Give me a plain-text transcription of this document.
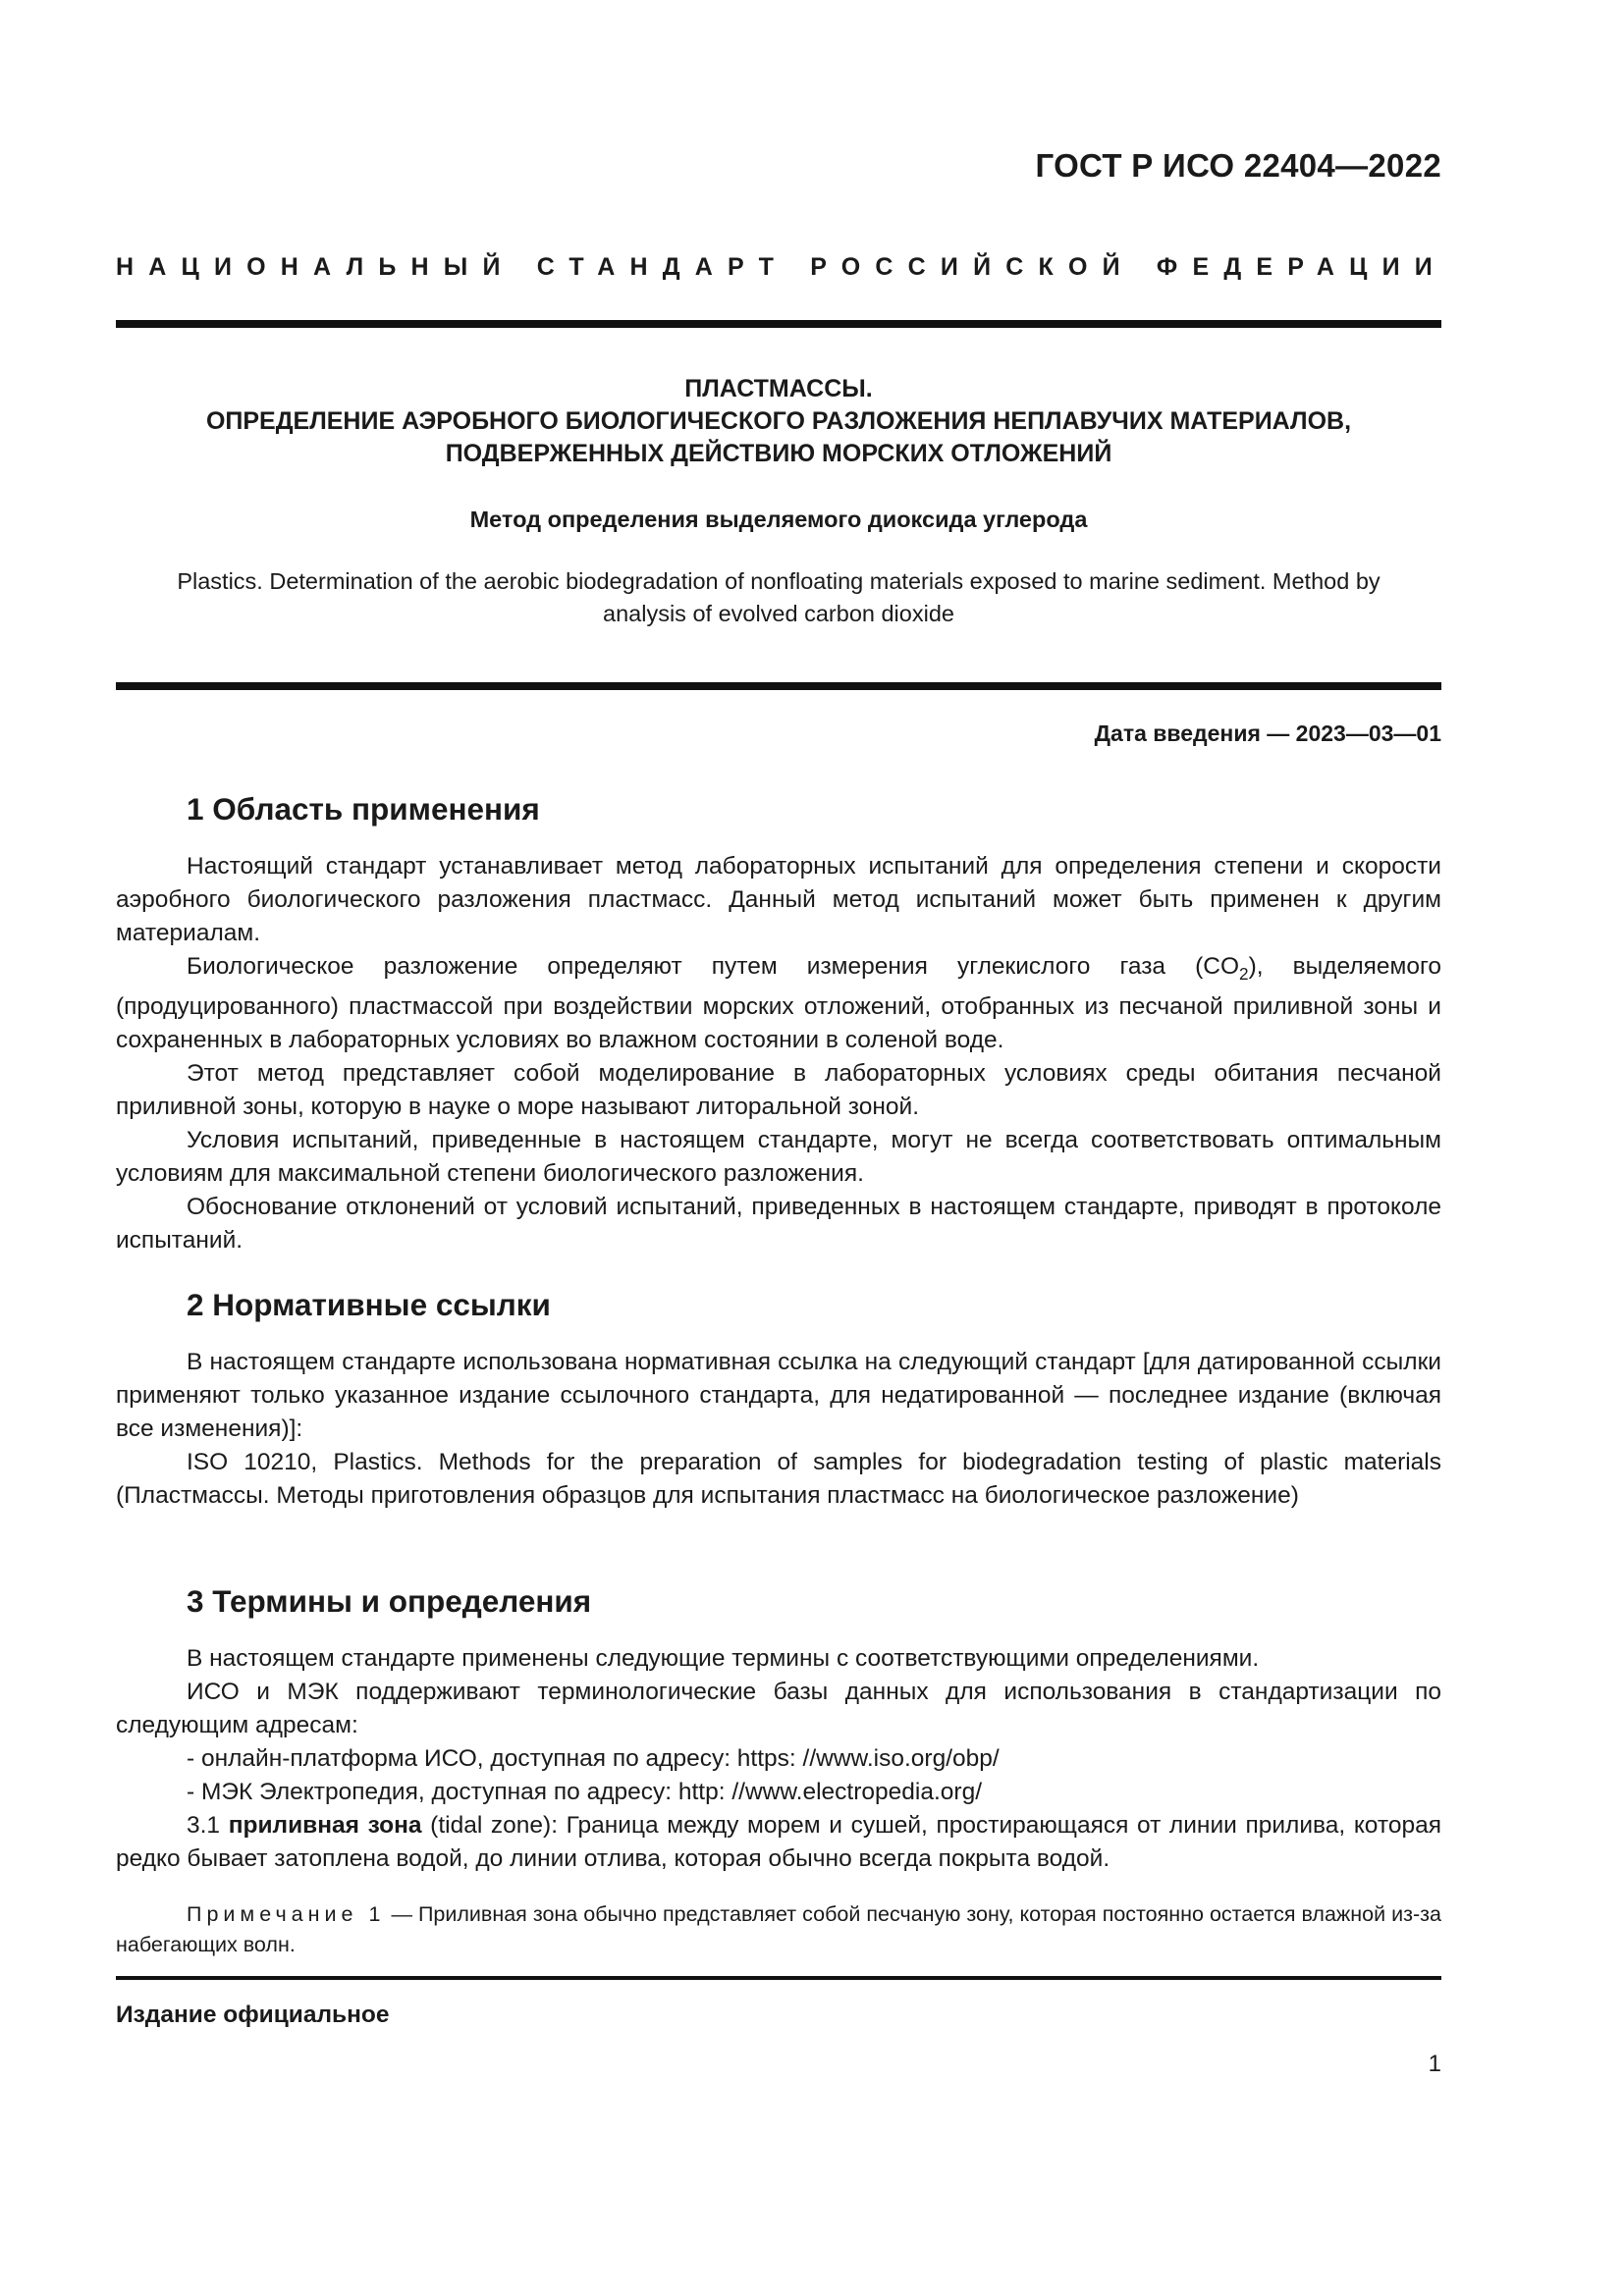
ГОСТ Р ИСО 22404—2022
НАЦИОНАЛЬНЫЙ СТАНДАРТ РОССИЙСКОЙ ФЕДЕРАЦИИ
ПЛАСТМАССЫ.
ОПРЕДЕЛЕНИЕ АЭРОБНОГО БИОЛОГИЧЕСКОГО РАЗЛОЖЕНИЯ НЕПЛАВУЧИХ МАТЕРИАЛОВ,
ПОДВЕРЖЕННЫХ ДЕЙСТВИЮ МОРСКИХ ОТЛОЖЕНИЙ
Метод определения выделяемого диоксида углерода
Plastics. Determination of the aerobic biodegradation of nonfloating materials exposed to marine sediment. Method by
analysis of evolved carbon dioxide
Дата введения — 2023—03—01
1 Область применения

Настоящий стандарт устанавливает метод лабораторных испытаний для определения степени и скорости аэробного биологического разложения пластмасс. Данный метод испытаний может быть применен к другим материалам.

Биологическое разложение определяют путем измерения углекислого газа $(CO_2)$, выделяемого (продуцированного) пластмассой при воздействии морских отложений, отобранных из песчаной приливной зоны и сохраненных в лабораторных условиях во влажном состоянии в соленой воде.

Этот метод представляет собой моделирование в лабораторных условиях среды обитания песчаной приливной зоны, которую в науке о море называют литоральной зоной.

Условия испытаний, приведенные в настоящем стандарте, могут не всегда соответствовать оптимальным условиям для максимальной степени биологического разложения.

Обоснование отклонений от условий испытаний, приведенных в настоящем стандарте, приводят в протоколе испытаний.

2 Нормативные ссылки

В настоящем стандарте использована нормативная ссылка на следующий стандарт [для датированной ссылки применяют только указанное издание ссылочного стандарта, для недатированной — последнее издание (включая все изменения)]:

ISO 10210, Plastics. Methods for the preparation of samples for biodegradation testing of plastic materials (Пластмассы. Методы приготовления образцов для испытания пластмасс на биологическое разложение)

3 Термины и определения

В настоящем стандарте применены следующие термины с соответствующими определениями.

ИСО и МЭК поддерживают терминологические базы данных для использования в стандартизации по следующим адресам:

- онлайн-платформа ИСО, доступная по адресу: https: //www.iso.org/obp/

- МЭК Электропедия, доступная по адресу: http: //www.electropedia.org/

3.1 приливная зона (tidal zone): Граница между морем и сушей, простирающаяся от линии прилива, которая редко бывает затоплена водой, до линии отлива, которая обычно всегда покрыта водой.

Примечание 1 — Приливная зона обычно представляет собой песчаную зону, которая постоянно остается влажной из-за набегающих волн.

Издание официальное
1
